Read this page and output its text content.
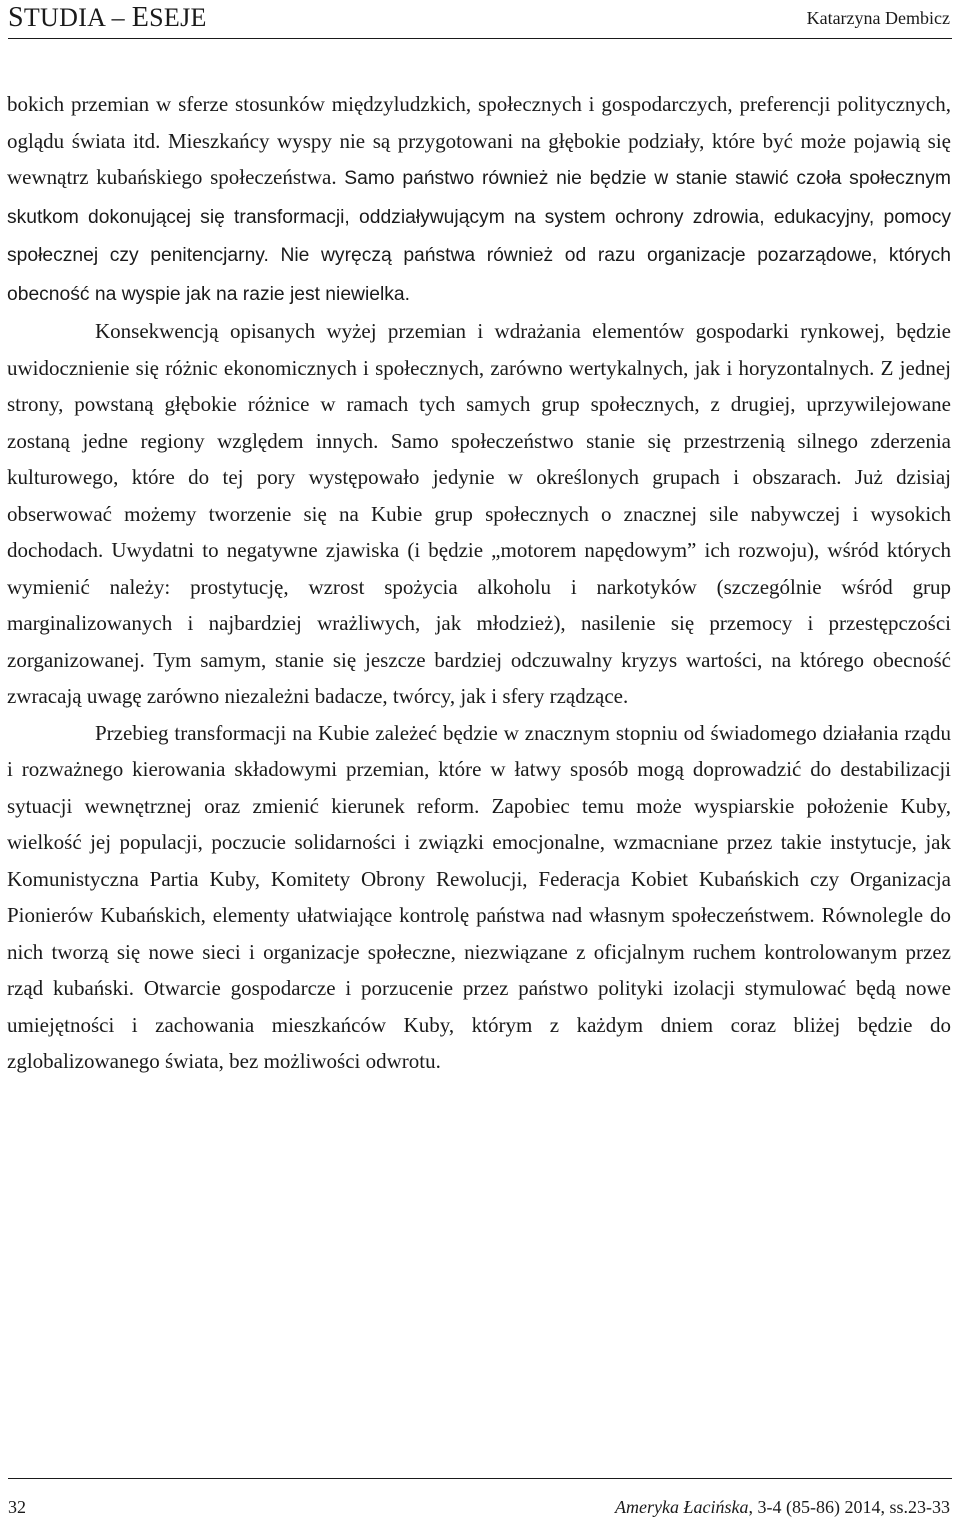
STUDIA – ESEJE	Katarzyna Dembicz

bokich przemian w sferze stosunków międzyludzkich, społecznych i gospodarczych, preferencji politycznych, oglądu świata itd. Mieszkańcy wyspy nie są przygotowani na głębokie podziały, które być może pojawią się wewnątrz kubańskiego społeczeństwa. Samo państwo również nie będzie w stanie stawić czoła społecznym skutkom dokonującej się transformacji, oddziaływującym na system ochrony zdrowia, edukacyjny, pomocy społecznej czy penitencjarny. Nie wyręczą państwa również od razu organizacje pozarządowe, których obecność na wyspie jak na razie jest niewielka.

Konsekwencją opisanych wyżej przemian i wdrażania elementów gospodarki rynkowej, będzie uwidocznienie się różnic ekonomicznych i społecznych, zarówno wertykalnych, jak i horyzontalnych. Z jednej strony, powstaną głębokie różnice w ramach tych samych grup społecznych, z drugiej, uprzywilejowane zostaną jedne regiony względem innych. Samo społeczeństwo stanie się przestrzenią silnego zderzenia kulturowego, które do tej pory występowało jedynie w określonych grupach i obszarach. Już dzisiaj obserwować możemy tworzenie się na Kubie grup społecznych o znacznej sile nabywczej i wysokich dochodach. Uwydatni to negatywne zjawiska (i będzie „motorem napędowym” ich rozwoju), wśród których wymienić należy: prostytucję, wzrost spożycia alkoholu i narkotyków (szczególnie wśród grup marginalizowanych i najbardziej wrażliwych, jak młodzież), nasilenie się przemocy i przestępczości zorganizowanej. Tym samym, stanie się jeszcze bardziej odczuwalny kryzys wartości, na którego obecność zwracają uwagę zarówno niezależni badacze, twórcy, jak i sfery rządzące.

Przebieg transformacji na Kubie zależeć będzie w znacznym stopniu od świadomego działania rządu i rozważnego kierowania składowymi przemian, które w łatwy sposób mogą doprowadzić do destabilizacji sytuacji wewnętrznej oraz zmienić kierunek reform. Zapobiec temu może wyspiarskie położenie Kuby, wielkość jej populacji, poczucie solidarności i związki emocjonalne, wzmacniane przez takie instytucje, jak Komunistyczna Partia Kuby, Komitety Obrony Rewolucji, Federacja Kobiet Kubańskich czy Organizacja Pionierów Kubańskich, elementy ułatwiające kontrolę państwa nad własnym społeczeństwem. Równolegle do nich tworzą się nowe sieci i organizacje społeczne, niezwiązane z oficjalnym ruchem kontrolowanym przez rząd kubański. Otwarcie gospodarcze i porzucenie przez państwo polityki izolacji stymulować będą nowe umiejętności i zachowania mieszkańców Kuby, którym z każdym dniem coraz bliżej będzie do zglobalizowanego świata, bez możliwości odwrotu.

32	Ameryka Łacińska, 3-4 (85-86) 2014, ss.23-33
